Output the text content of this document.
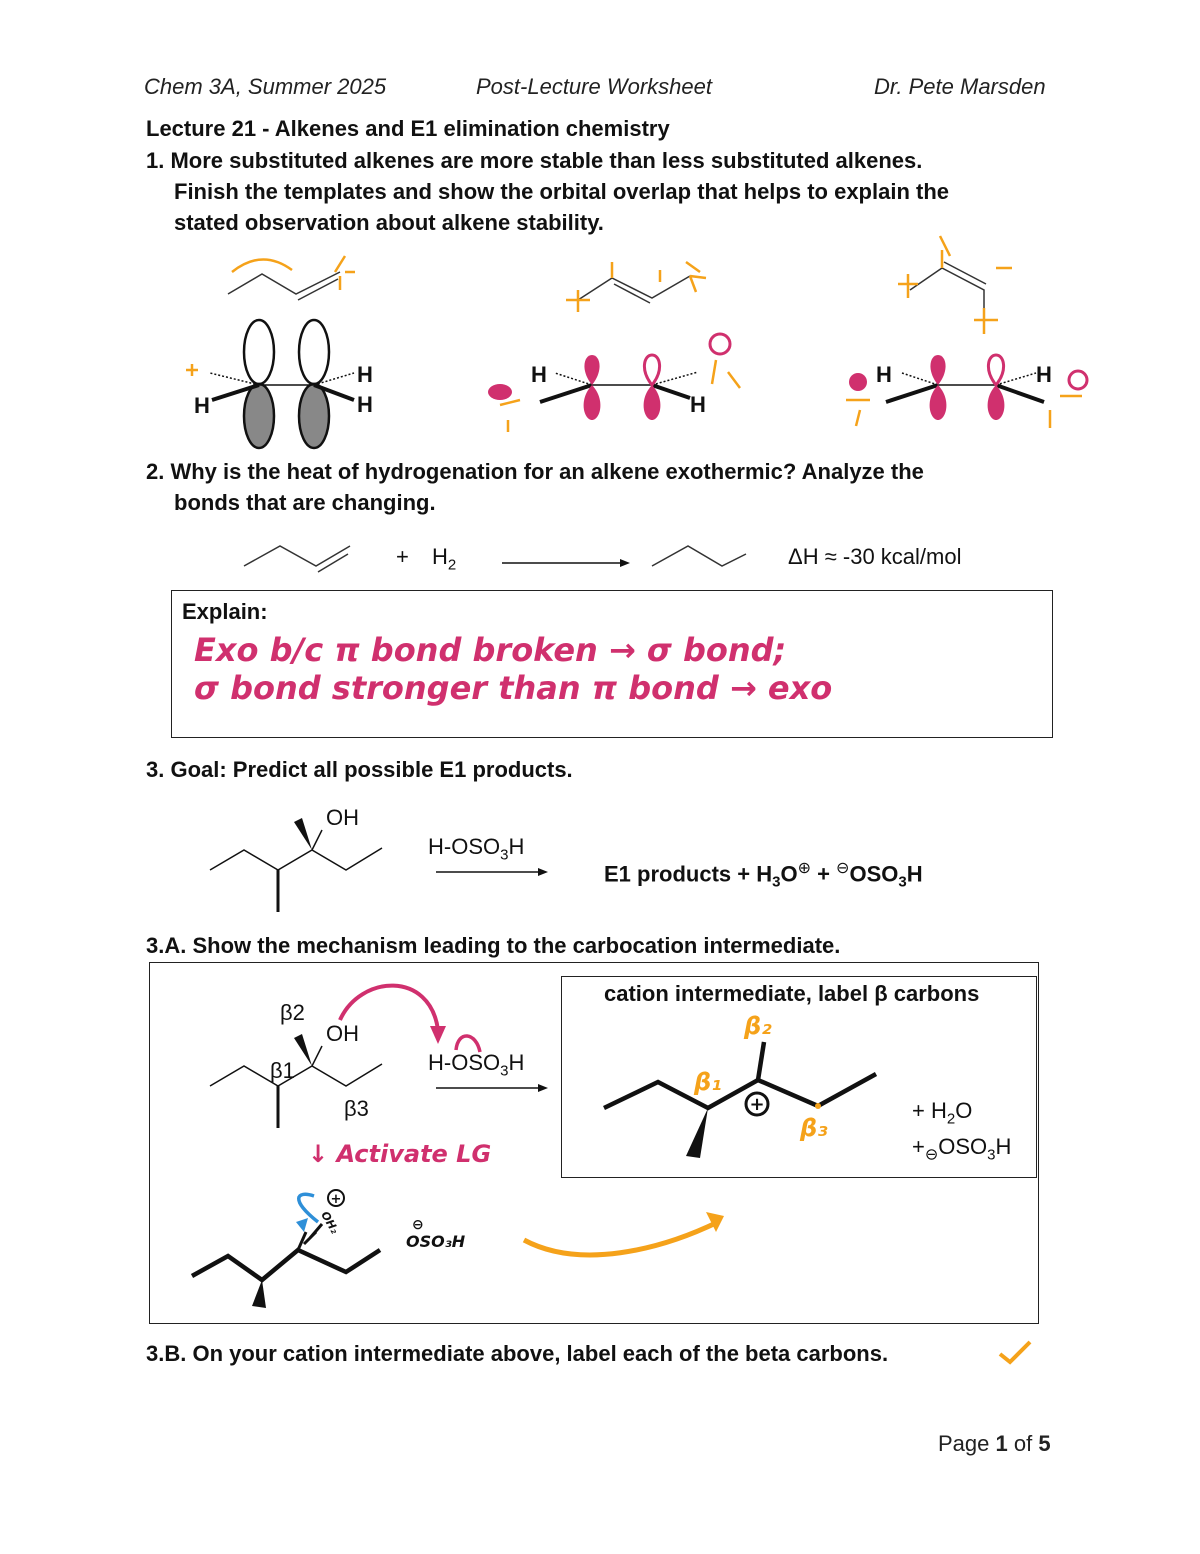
Chem 3A, Summer 2025	Post-Lecture Worksheet	Dr. Pete Marsden
Lecture 21 - Alkenes and E1 elimination chemistry
1. More substituted alkenes are more stable than less substituted alkenes.
Finish the templates and show the orbital overlap that helps to explain the
stated observation about alkene stability.
+
+
H
H
H
H
H
H	H
2. Why is the heat of hydrogenation for an alkene exothermic? Analyze the
bonds that are changing.
+ $H_2$	ΔH ≈ -30 kcal/mol
Explain:
Exo b/c π bond broken → σ bond;
σ bond stronger than π bond → exo
3. Goal: Predict all possible E1 products.
OH
$H-OSO_3H$
E1 products + $H_3O^\oplus + ^⊖OSO_3H$
3.A. Show the mechanism leading to the carbocation intermediate.
β2
OH
β1
β3
$H-OSO_3H$
cation intermediate, label β carbons
β₂
β₁
β₃
+ $H_2O$
$+_⊖OSO_3H$
↓ Activate LG
OH₂	⊖
OSO₃H
3.B. On your cation intermediate above, label each of the beta carbons.
Page 1 of 5
